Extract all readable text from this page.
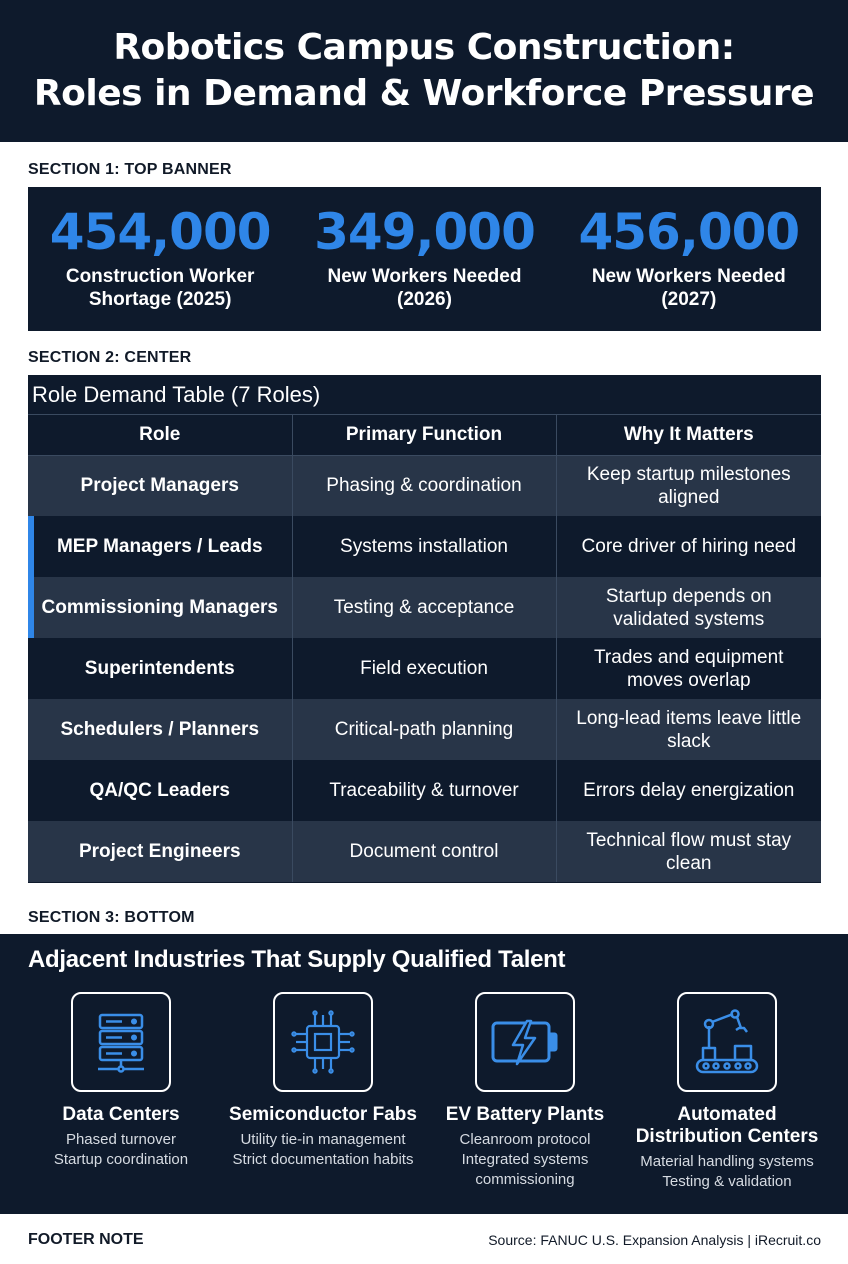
Robotics Campus Construction:
Roles in Demand & Workforce Pressure
SECTION 1: TOP BANNER
454,000
Construction Worker Shortage (2025)
349,000
New Workers Needed (2026)
456,000
New Workers Needed (2027)
SECTION 2: CENTER
Role Demand Table (7 Roles)
Role	Primary Function	Why It Matters
Project Managers	Phasing & coordination	Keep startup milestones aligned
MEP Managers / Leads	Systems installation	Core driver of hiring need
Commissioning Managers	Testing & acceptance	Startup depends on validated systems
Superintendents	Field execution	Trades and equipment moves overlap
Schedulers / Planners	Critical-path planning	Long-lead items leave little slack
QA/QC Leaders	Traceability & turnover	Errors delay energization
Project Engineers	Document control	Technical flow must stay clean
SECTION 3: BOTTOM
Adjacent Industries That Supply Qualified Talent
Data Centers
Phased turnover
Startup coordination
Semiconductor Fabs
Utility tie-in management
Strict documentation habits
EV Battery Plants
Cleanroom protocol
Integrated systems commissioning
Automated Distribution Centers
Material handling systems
Testing & validation
FOOTER NOTE	Source: FANUC U.S. Expansion Analysis | iRecruit.co
